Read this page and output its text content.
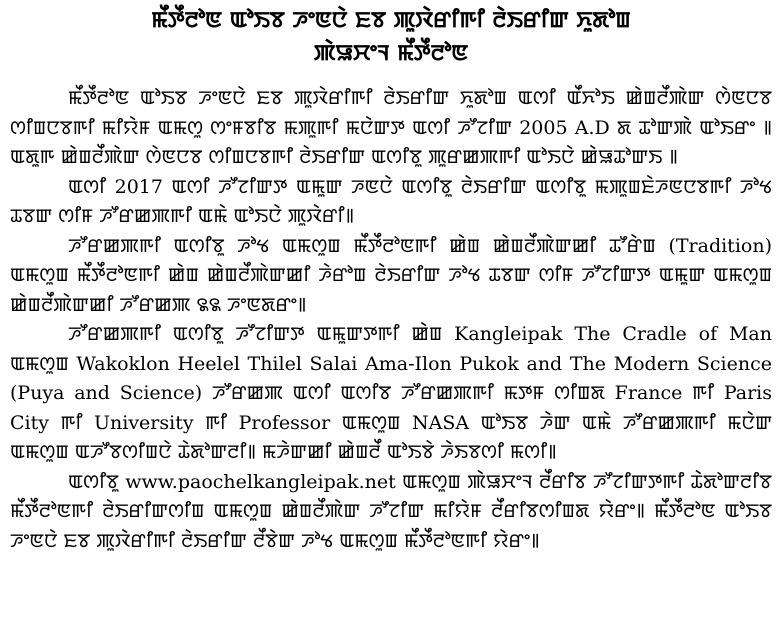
ꯃꯩꯇꯩꯂꯣꯟ ꯑꯣꯏꯕ ꯍꯦꯟꯅꯥ ꯐꯕ ꯄꯨꯋꯥꯔꯤꯒꯤ ꯂꯥꯏꯔꯤꯛ ꯈꯨꯗꯣꯡ
ꯄꯥꯎꯆꯦꯜ ꯃꯩꯇꯩꯂꯣꯟ

ꯃꯩꯇꯩꯂꯣꯟ ꯑꯣꯏꯕ ꯍꯦꯟꯅꯥ ꯐꯕ ꯄꯨꯋꯥꯔꯤꯒꯤ ꯂꯥꯏꯔꯤꯛ ꯈꯨꯗꯣꯡ ꯑꯁꯤ ꯑꯩꯈꯣꯏ ꯀꯥꯡꯂꯩꯄꯥꯛ ꯁꯥꯟꯅꯕ ꯁꯤꯡꯅꯕꯒꯤ ꯃꯤꯌꯥꯝ ꯑꯃꯁꯨ ꯁꯦꯝꯕꯤꯕ ꯃꯄꯨꯒꯤ ꯃꯅꯥꯛꯇ ꯑꯁꯤ ꯍꯧꯖꯤꯛ 2005 A.D ꯗ ꯊꯣꯛꯄꯥ ꯑꯣꯏꯔꯦ ꯫ ꯑꯗꯨꯒ ꯀꯥꯡꯂꯩꯄꯥꯛ ꯁꯥꯟꯅꯕ ꯁꯤꯡꯅꯕꯒꯤ ꯂꯥꯏꯔꯤꯛ ꯑꯁꯤꯕꯨ ꯄꯨꯔꯀꯄꯒꯤ ꯑꯣꯏꯅꯥ ꯀꯥꯎꯊꯣꯛꯏ ꯫

ꯑꯁꯤ 2017 ꯑꯁꯤ ꯍꯧꯖꯤꯛꯇ ꯑꯃꯨꯛ ꯍꯟꯅꯥ ꯑꯁꯤꯕꯨ ꯂꯥꯏꯔꯤꯛ ꯑꯁꯤꯕꯨ ꯃꯄꯨꯡꯐꯥꯍꯟꯅꯕꯒꯤ ꯍꯣꯠ ꯊꯕꯛ ꯁꯤꯝ ꯍꯧꯔꯀꯄꯒꯤ ꯑꯃꯥ ꯑꯣꯏꯅꯥ ꯄꯨꯋꯥꯔꯤ꯫

ꯍꯧꯔꯀꯄꯒꯤ ꯑꯁꯤꯕꯨ ꯍꯣꯠ ꯑꯃꯁꯨꯡ ꯃꯩꯇꯩꯂꯣꯟꯒꯤ ꯀꯥꯡ ꯀꯥꯡꯂꯩꯄꯥꯛꯀꯤ ꯊꯧꯔꯥꯡ (Tradition) ꯑꯃꯁꯨꯡ ꯃꯩꯇꯩꯂꯣꯟꯒꯤ ꯀꯥꯡ ꯀꯥꯡꯂꯩꯄꯥꯛꯀꯤ ꯍꯥꯔꯣꯡ ꯂꯥꯏꯔꯤꯛ ꯍꯣꯠ ꯊꯕꯛ ꯁꯤꯝ ꯍꯧꯖꯤꯛꯇ ꯑꯃꯨꯛ ꯑꯃꯁꯨꯡ ꯀꯥꯡꯂꯩꯄꯥꯛꯀꯤ ꯍꯧꯔꯀꯄ ꯲꯲ ꯍꯦꯟꯗꯔꯦ꯫

ꯍꯧꯔꯀꯄꯒꯤ ꯑꯁꯤꯕꯨ ꯍꯧꯖꯤꯛꯇ ꯑꯃꯨꯛꯇꯒꯤ ꯀꯥꯡ Kangleipak The Cradle of Man ꯑꯃꯁꯨꯡ Wakoklon Heelel Thilel Salai Ama-Ilon Pukok and The Modern Science (Puya and Science) ꯍꯧꯔꯀꯄ ꯑꯁꯤ ꯑꯁꯤꯕ ꯍꯧꯔꯀꯄꯒꯤ ꯃꯇꯝ ꯁꯤꯡꯗ France ꯒꯤ Paris City ꯒꯤ University ꯒꯤ Professor ꯑꯃꯁꯨꯡ NASA ꯑꯣꯏꯕ ꯍꯥꯛ ꯑꯃꯥ ꯍꯧꯔꯀꯄꯒꯤ ꯃꯅꯥꯛ ꯑꯃꯁꯨꯡ ꯑꯍꯧꯕꯁꯤꯡꯅꯥ ꯊꯥꯗꯣꯛꯂꯤ꯫ ꯃꯍꯥꯛꯀꯤ ꯀꯥꯡꯂꯩ ꯑꯣꯏꯕꯥ ꯍꯥꯏꯕꯁꯤ ꯃꯁꯤ꯫

ꯑꯁꯤꯕꯨ www.paochelkangleipak.net ꯑꯃꯁꯨꯡ ꯄꯥꯎꯆꯦꯜ ꯂꯩꯔꯤꯕ ꯍꯧꯖꯤꯛꯇꯒꯤ ꯊꯥꯗꯣꯛꯂꯤꯕ ꯃꯩꯇꯩꯂꯣꯟꯒꯤ ꯂꯥꯏꯔꯤꯛꯁꯤꯡ ꯑꯃꯁꯨꯡ ꯀꯥꯡꯂꯩꯄꯥꯛ ꯍꯧꯖꯤꯛ ꯃꯤꯌꯥꯝ ꯂꯩꯔꯤꯕꯁꯤꯡꯗ ꯌꯥꯔꯦ꯫ ꯃꯩꯇꯩꯂꯣꯟ ꯑꯣꯏꯕ ꯍꯦꯟꯅꯥ ꯐꯕ ꯄꯨꯋꯥꯔꯤꯒꯤ ꯂꯥꯏꯔꯤꯛ ꯂꯩꯕꯥꯛ ꯍꯣꯠ ꯑꯃꯁꯨꯡ ꯃꯩꯇꯩꯂꯣꯟꯒꯤ ꯌꯥꯔꯦ꯫
